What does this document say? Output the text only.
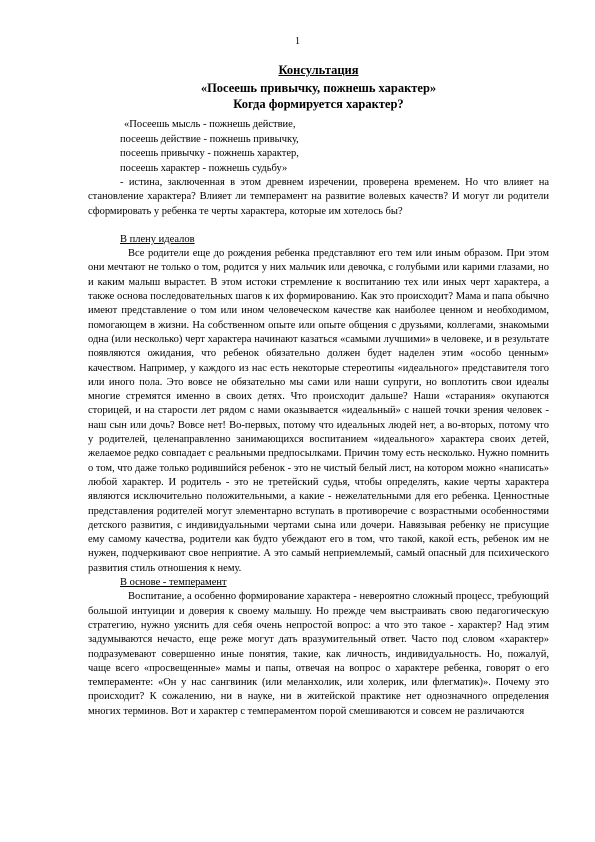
1
Консультация
«Посеешь привычку, пожнешь характер»
Когда формируется характер?
«Посеешь мысль - пожнешь действие,
посеешь действие - пожнешь привычку,
посеешь привычку - пожнешь характер,
посеешь характер - пожнешь судьбу»

- истина, заключенная в этом древнем изречении, проверена временем. Но что влияет на становление характера? Влияет ли темперамент на развитие волевых качеств? И могут ли родители сформировать у ребенка те черты характера, которые им хотелось бы?

В плену идеалов

Все родители еще до рождения ребенка представляют его тем или иным образом. При этом они мечтают не только о том, родится у них мальчик или девочка, с голубыми или карими глазами, но и каким малыш вырастет. В этом истоки стремление к воспитанию тех или иных черт характера, а также основа последовательных шагов к их формированию. Как это происходит? Мама и папа обычно имеют представление о том или ином человеческом качестве как наиболее ценном и необходимом, помогающем в жизни. На собственном опыте или опыте общения с друзьями, коллегами, знакомыми одна (или несколько) черт характера начинают казаться «самыми лучшими» в человеке, и в результате появляются ожидания, что ребенок обязательно должен будет наделен этим «особо ценным» качеством. Например, у каждого из нас есть некоторые стереотипы «идеального» представителя того или иного пола. Это вовсе не обязательно мы сами или наши супруги, но воплотить свои идеалы многие стремятся именно в своих детях. Что происходит дальше? Наши «старания» окупаются сторицей, и на старости лет рядом с нами оказывается «идеальный» с нашей точки зрения человек - наш сын или дочь? Вовсе нет! Во-первых, потому что идеальных людей нет, а во-вторых, потому что у родителей, целенаправленно занимающихся воспитанием «идеального» характера своих детей, желаемое редко совпадает с реальными предпосылками. Причин тому есть несколько. Нужно помнить о том, что даже только родившийся ребенок - это не чистый белый лист, на котором можно «написать» любой характер. И родитель - это не третейский судья, чтобы определять, какие черты характера являются исключительно положительными, а какие - нежелательными для его ребенка. Ценностные представления родителей могут элементарно вступать в противоречие с возрастными особенностями детского развития, с индивидуальными чертами сына или дочери. Навязывая ребенку не присущие ему самому качества, родители как будто убеждают его в том, что такой, какой есть, ребенок им не нужен, подчеркивают свое неприятие. А это самый неприемлемый, самый опасный для психического развития стиль отношения к нему.

В основе - темперамент

Воспитание, а особенно формирование характера - невероятно сложный процесс, требующий большой интуиции и доверия к своему малышу. Но прежде чем выстраивать свою педагогическую стратегию, нужно уяснить для себя очень непростой вопрос: а что это такое - характер? Над этим задумываются нечасто, еще реже могут дать вразумительный ответ. Часто под словом «характер» подразумевают совершенно иные понятия, такие, как личность, индивидуальность. Но, пожалуй, чаще всего «просвещенные» мамы и папы, отвечая на вопрос о характере ребенка, говорят о его темпераменте: «Он у нас сангвиник (или меланхолик, или холерик, или флегматик)». Почему это происходит? К сожалению, ни в науке, ни в житейской практике нет однозначного определения многих терминов. Вот и характер с темпераментом порой смешиваются и совсем не различаются
